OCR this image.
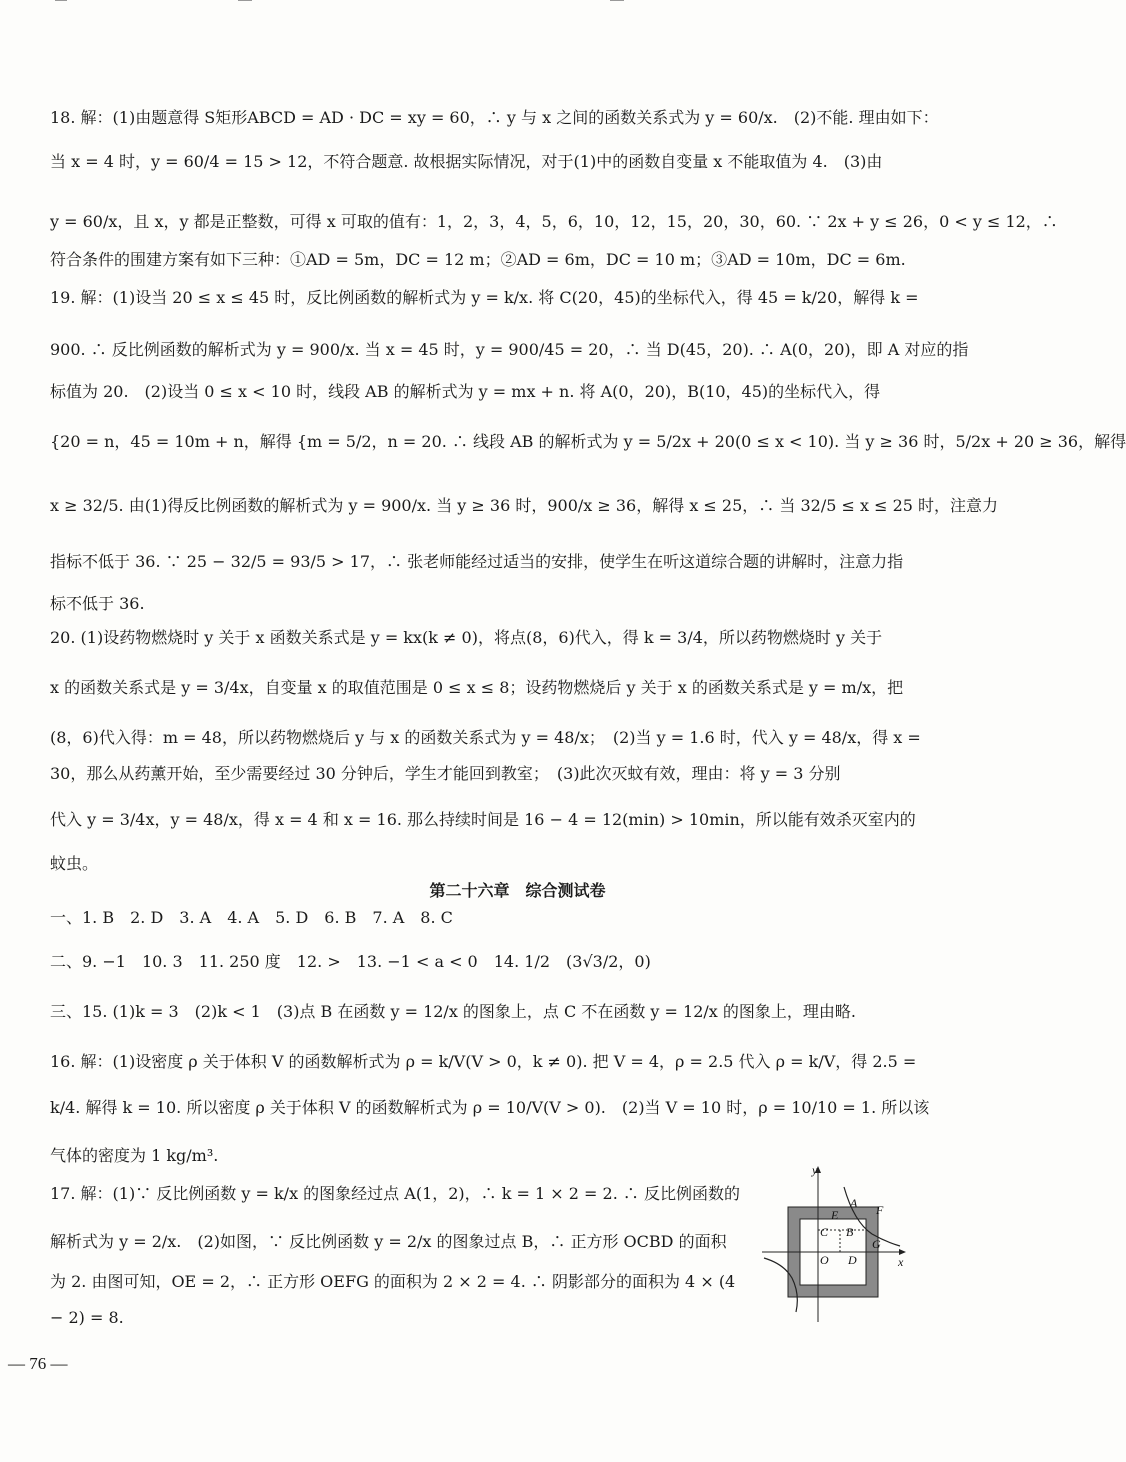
18. 解：(1)由题意得 S矩形ABCD = AD · DC = xy = 60，∴ y 与 x 之间的函数关系式为 y = 60/x.　(2)不能. 理由如下：
当 x = 4 时，y = 60/4 = 15 > 12，不符合题意. 故根据实际情况，对于(1)中的函数自变量 x 不能取值为 4.　(3)由
y = 60/x，且 x，y 都是正整数，可得 x 可取的值有：1，2，3，4，5，6，10，12，15，20，30，60. ∵ 2x + y ≤ 26，0 < y ≤ 12，∴
符合条件的围建方案有如下三种：①AD = 5m，DC = 12 m；②AD = 6m，DC = 10 m；③AD = 10m，DC = 6m.
19. 解：(1)设当 20 ≤ x ≤ 45 时，反比例函数的解析式为 y = k/x. 将 C(20，45)的坐标代入，得 45 = k/20，解得 k =
900. ∴ 反比例函数的解析式为 y = 900/x. 当 x = 45 时，y = 900/45 = 20，∴ 当 D(45，20). ∴ A(0，20)，即 A 对应的指
标值为 20.　(2)设当 0 ≤ x < 10 时，线段 AB 的解析式为 y = mx + n. 将 A(0，20)，B(10，45)的坐标代入，得
{20 = n，45 = 10m + n，解得 {m = 5/2，n = 20. ∴ 线段 AB 的解析式为 y = 5/2x + 20(0 ≤ x < 10). 当 y ≥ 36 时，5/2x + 20 ≥ 36，解得
x ≥ 32/5. 由(1)得反比例函数的解析式为 y = 900/x. 当 y ≥ 36 时，900/x ≥ 36，解得 x ≤ 25，∴ 当 32/5 ≤ x ≤ 25 时，注意力
指标不低于 36. ∵ 25 − 32/5 = 93/5 > 17，∴ 张老师能经过适当的安排，使学生在听这道综合题的讲解时，注意力指
标不低于 36.
20. (1)设药物燃烧时 y 关于 x 函数关系式是 y = kx(k ≠ 0)，将点(8，6)代入，得 k = 3/4，所以药物燃烧时 y 关于
x 的函数关系式是 y = 3/4x，自变量 x 的取值范围是 0 ≤ x ≤ 8；设药物燃烧后 y 关于 x 的函数关系式是 y = m/x，把
(8，6)代入得：m = 48，所以药物燃烧后 y 与 x 的函数关系式为 y = 48/x；　(2)当 y = 1.6 时，代入 y = 48/x，得 x =
30，那么从药薰开始，至少需要经过 30 分钟后，学生才能回到教室；　(3)此次灭蚊有效，理由：将 y = 3 分别
代入 y = 3/4x，y = 48/x，得 x = 4 和 x = 16. 那么持续时间是 16 − 4 = 12(min) > 10min，所以能有效杀灭室内的
蚊虫。
第二十六章　综合测试卷
一、1. B　2. D　3. A　4. A　5. D　6. B　7. A　8. C
二、9. −1　10. 3　11. 250 度　12. >　13. −1 < a < 0　14. 1/2　(3√3/2，0)
三、15. (1)k = 3　(2)k < 1　(3)点 B 在函数 y = 12/x 的图象上，点 C 不在函数 y = 12/x 的图象上，理由略.
16. 解：(1)设密度 ρ 关于体积 V 的函数解析式为 ρ = k/V(V > 0，k ≠ 0). 把 V = 4，ρ = 2.5 代入 ρ = k/V，得 2.5 =
k/4. 解得 k = 10. 所以密度 ρ 关于体积 V 的函数解析式为 ρ = 10/V(V > 0).　(2)当 V = 10 时，ρ = 10/10 = 1. 所以该
气体的密度为 1 kg/m³.
17. 解：(1)∵ 反比例函数 y = k/x 的图象经过点 A(1，2)，∴ k = 1 × 2 = 2. ∴ 反比例函数的
解析式为 y = 2/x.　(2)如图，∵ 反比例函数 y = 2/x 的图象过点 B，∴ 正方形 OCBD 的面积
为 2. 由图可知，OE = 2，∴ 正方形 OEFG 的面积为 2 × 2 = 4. ∴ 阴影部分的面积为 4 × (4
− 2) = 8.
y
x
E
A F
C B
O D
G
— 76 —
